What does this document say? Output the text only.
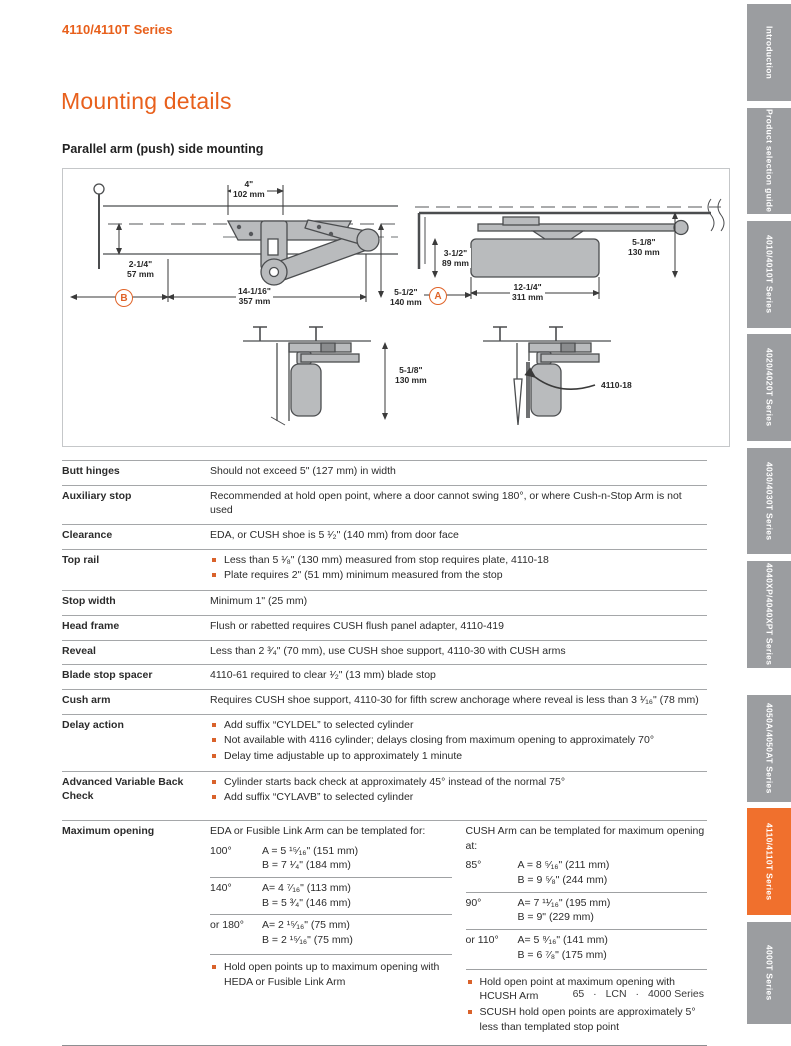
4110/4110T Series
Mounting details
Parallel arm (push) side mounting
4"
102 mm
2-1/4"
57 mm
14-1/16"
357 mm
5-1/2"
140 mm
B
3-1/2"
89 mm
5-1/8"
130 mm
12-1/4"
311 mm
A
5-1/8"
130 mm	4110-18
Butt hinges	Should not exceed 5" (127 mm) in width
Auxiliary stop	Recommended at hold open point, where a door cannot swing 180°, or where Cush-n-Stop Arm is not used
Clearance	EDA, or CUSH shoe is 5 ¹⁄₂" (140 mm) from door face
Top rail	Less than 5 ¹⁄₈" (130 mm) measured from stop requires plate, 4110-18
Plate requires 2" (51 mm) minimum measured from the stop
Stop width	Minimum 1" (25 mm)
Head frame	Flush or rabetted requires CUSH flush panel adapter, 4110-419
Reveal	Less than 2 ³⁄₄" (70 mm), use CUSH shoe support, 4110-30 with CUSH arms
Blade stop spacer	4110-61 required to clear ¹⁄₂" (13 mm) blade stop
Cush arm	Requires CUSH shoe support, 4110-30 for fifth screw anchorage where reveal is less than 3 ¹⁄₁₆" (78 mm)
Delay action	Add suffix “CYLDEL” to selected cylinder
Not available with 4116 cylinder; delays closing from maximum opening to approximately 70°
Delay time adjustable up to approximately 1 minute
Advanced Variable Back Check
Cylinder starts back check at approximately 45° instead of the normal 75°
Add suffix “CYLAVB” to selected cylinder
Maximum opening	EDA or Fusible Link Arm can be templated for:
100°	A = 5 ¹⁵⁄₁₆" (151 mm)
B = 7 ¹⁄₄" (184 mm)
140°	A= 4 ⁷⁄₁₆" (113 mm)
B = 5 ³⁄₄" (146 mm)
or 180°	A= 2 ¹⁵⁄₁₆" (75 mm)
B = 2 ¹⁵⁄₁₆" (75 mm)
Hold open points up to maximum opening with HEDA or Fusible Link Arm
CUSH Arm can be templated for maximum opening at:
85°	A = 8 ⁵⁄₁₆" (211 mm)
B = 9 ⁵⁄₈" (244 mm)
90°	A= 7 ¹¹⁄₁₆" (195 mm)
B = 9" (229 mm)
or 110°	A= 5 ⁹⁄₁₆" (141 mm)
B = 6 ⁷⁄₈" (175 mm)
Hold open point at maximum opening with HCUSH Arm
SCUSH hold open points are approximately 5° less than templated stop point
Introduction
Product selection guide
4010/4010T Series
4020/4020T Series
4030/4030T Series
4040XP/4040XPT Series
4050A/4050AT Series
4110/4110T Series
4000T Series
65 · LCN · 4000 Series
